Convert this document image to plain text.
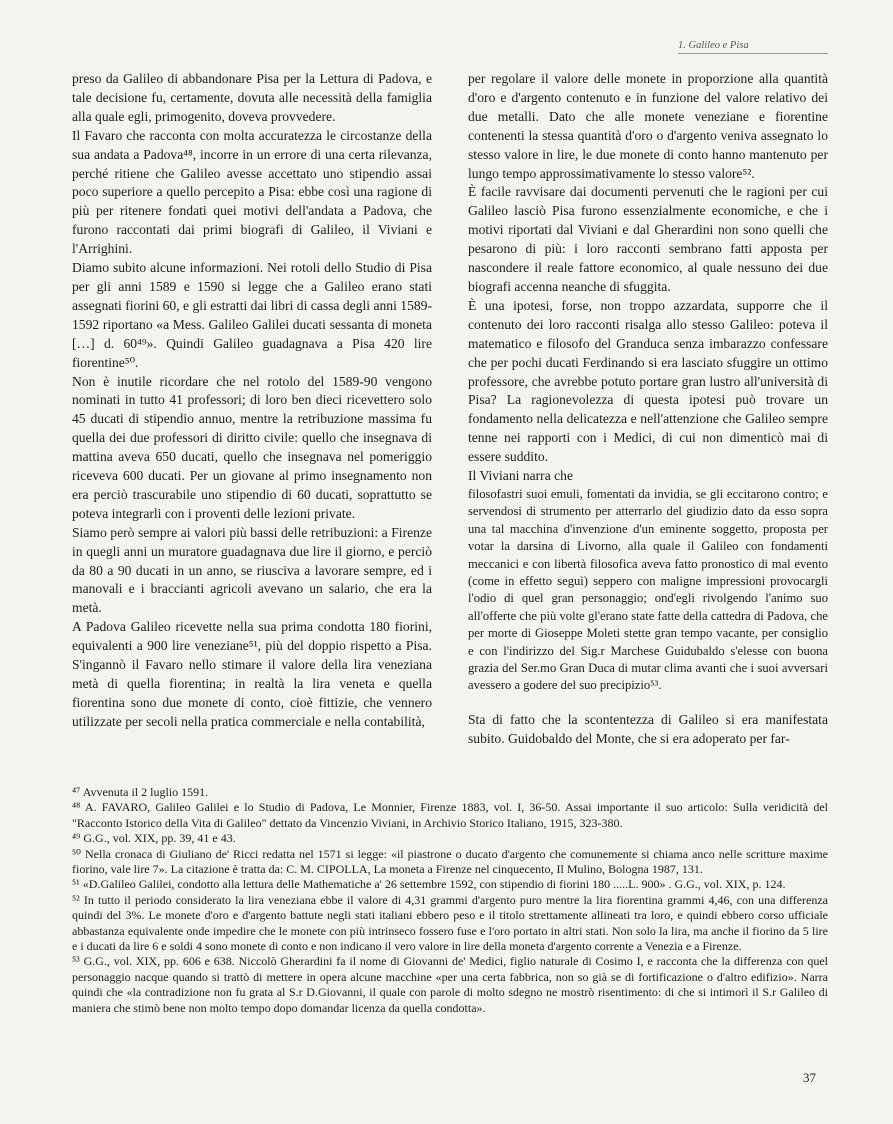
1. Galileo e Pisa

preso da Galileo di abbandonare Pisa per la Lettura di Padova, e tale decisione fu, certamente, dovuta alle necessità della famiglia alla quale egli, primogenito, doveva provvedere.

Il Favaro che racconta con molta accuratezza le circostanze della sua andata a Padova⁴⁸, incorre in un errore di una certa rilevanza, perché ritiene che Galileo avesse accettato uno stipendio assai poco superiore a quello percepito a Pisa: ebbe così una ragione di più per ritenere fondati quei motivi dell'andata a Padova, che furono raccontati dai primi biografi di Galileo, il Viviani e l'Arrighini.

Diamo subito alcune informazioni. Nei rotoli dello Studio di Pisa per gli anni 1589 e 1590 si legge che a Galileo erano stati assegnati fiorini 60, e gli estratti dai libri di cassa degli anni 1589-1592 riportano «a Mess. Galileo Galilei ducati sessanta di moneta […] d. 60⁴⁹». Quindi Galileo guadagnava a Pisa 420 lire fiorentine⁵⁰.

Non è inutile ricordare che nel rotolo del 1589-90 vengono nominati in tutto 41 professori; di loro ben dieci ricevettero solo 45 ducati di stipendio annuo, mentre la retribuzione massima fu quella dei due professori di diritto civile: quello che insegnava di mattina aveva 650 ducati, quello che insegnava nel pomeriggio riceveva 600 ducati. Per un giovane al primo insegnamento non era perciò trascurabile uno stipendio di 60 ducati, soprattutto se poteva integrarli con i proventi delle lezioni private.

Siamo però sempre ai valori più bassi delle retribuzioni: a Firenze in quegli anni un muratore guadagnava due lire il giorno, e perciò da 80 a 90 ducati in un anno, se riusciva a lavorare sempre, ed i manovali e i braccianti agricoli avevano un salario, che era la metà.

A Padova Galileo ricevette nella sua prima condotta 180 fiorini, equivalenti a 900 lire veneziane⁵¹, più del doppio rispetto a Pisa. S'ingannò il Favaro nello stimare il valore della lira veneziana metà di quella fiorentina; in realtà la lira veneta e quella fiorentina sono due monete di conto, cioè fittizie, che vennero utilizzate per secoli nella pratica commerciale e nella contabilità,

per regolare il valore delle monete in proporzione alla quantità d'oro e d'argento contenuto e in funzione del valore relativo dei due metalli. Dato che alle monete veneziane e fiorentine contenenti la stessa quantità d'oro o d'argento veniva assegnato lo stesso valore in lire, le due monete di conto hanno mantenuto per lungo tempo approssimativamente lo stesso valore⁵².

È facile ravvisare dai documenti pervenuti che le ragioni per cui Galileo lasciò Pisa furono essenzialmente economiche, e che i motivi riportati dal Viviani e dal Gherardini non sono quelli che pesarono di più: i loro racconti sembrano fatti apposta per nascondere il reale fattore economico, al quale nessuno dei due biografi accenna neanche di sfuggita.

È una ipotesi, forse, non troppo azzardata, supporre che il contenuto dei loro racconti risalga allo stesso Galileo: poteva il matematico e filosofo del Granduca senza imbarazzo confessare che per pochi ducati Ferdinando si era lasciato sfuggire un ottimo professore, che avrebbe potuto portare gran lustro all'università di Pisa? La ragionevolezza di questa ipotesi può trovare un fondamento nella delicatezza e nell'attenzione che Galileo sempre tenne nei rapporti con i Medici, di cui non dimenticò mai di essere suddito.

Il Viviani narra che

filosofastri suoi emuli, fomentati da invidia, se gli eccitarono contro; e servendosi di strumento per atterrarlo del giudizio dato da esso sopra una tal macchina d'invenzione d'un eminente soggetto, proposta per votar la darsina di Livorno, alla quale il Galileo con fondamenti meccanici e con libertà filosofica aveva fatto pronostico di mal evento (come in effetto seguì) seppero con maligne impressioni provocargli l'odio di quel gran personaggio; ond'egli rivolgendo l'animo suo all'offerte che più volte gl'erano state fatte della cattedra di Padova, che per morte di Gioseppe Moleti stette gran tempo vacante, per consiglio e con l'indirizzo del Sig.r Marchese Guidubaldo s'elesse con buona grazia del Ser.mo Gran Duca di mutar clima avanti che i suoi avversari avessero a godere del suo precipizio⁵³.

Sta di fatto che la scontentezza di Galileo si era manifestata subito. Guidobaldo del Monte, che si era adoperato per far-

⁴⁷ Avvenuta il 2 luglio 1591.

⁴⁸ A. FAVARO, Galileo Galilei e lo Studio di Padova, Le Monnier, Firenze 1883, vol. I, 36-50. Assai importante il suo articolo: Sulla veridicità del "Racconto Istorico della Vita di Galileo" dettato da Vincenzio Viviani, in Archivio Storico Italiano, 1915, 323-380.

⁴⁹ G.G., vol. XIX, pp. 39, 41 e 43.

⁵⁰ Nella cronaca di Giuliano de' Ricci redatta nel 1571 si legge: «il piastrone o ducato d'argento che comunemente si chiama anco nelle scritture maxime fiorino, vale lire 7». La citazione è tratta da: C. M. CIPOLLA, La moneta a Firenze nel cinquecento, Il Mulino, Bologna 1987, 131.

⁵¹ «D.Galileo Galilei, condotto alla lettura delle Mathematiche a' 26 settembre 1592, con stipendio di fiorini 180 .....L. 900» . G.G., vol. XIX, p. 124.

⁵² In tutto il periodo considerato la lira veneziana ebbe il valore di 4,31 grammi d'argento puro mentre la lira fiorentina grammi 4,46, con una differenza quindi del 3%. Le monete d'oro e d'argento battute negli stati italiani ebbero peso e il titolo strettamente allineati tra loro, e quindi ebbero corso ufficiale abbastanza equivalente onde impedire che le monete con più intrinseco fossero fuse e l'oro portato in altri stati. Non solo la lira, ma anche il fiorino da 5 lire e i ducati da lire 6 e soldi 4 sono monete di conto e non indicano il vero valore in lire della moneta d'argento corrente a Venezia e a Firenze.

⁵³ G.G., vol. XIX, pp. 606 e 638. Niccolò Gherardini fa il nome di Giovanni de' Medici, figlio naturale di Cosimo I, e racconta che la differenza con quel personaggio nacque quando si trattò di mettere in opera alcune macchine «per una certa fabbrica, non so già se di fortificazione o d'altro edifizio». Narra quindi che «la contradizione non fu grata al S.r D.Giovanni, il quale con parole di molto sdegno ne mostrò risentimento: di che si intimorì il S.r Galileo di maniera che stimò bene non molto tempo dopo domandar licenza da quella condotta».

37
